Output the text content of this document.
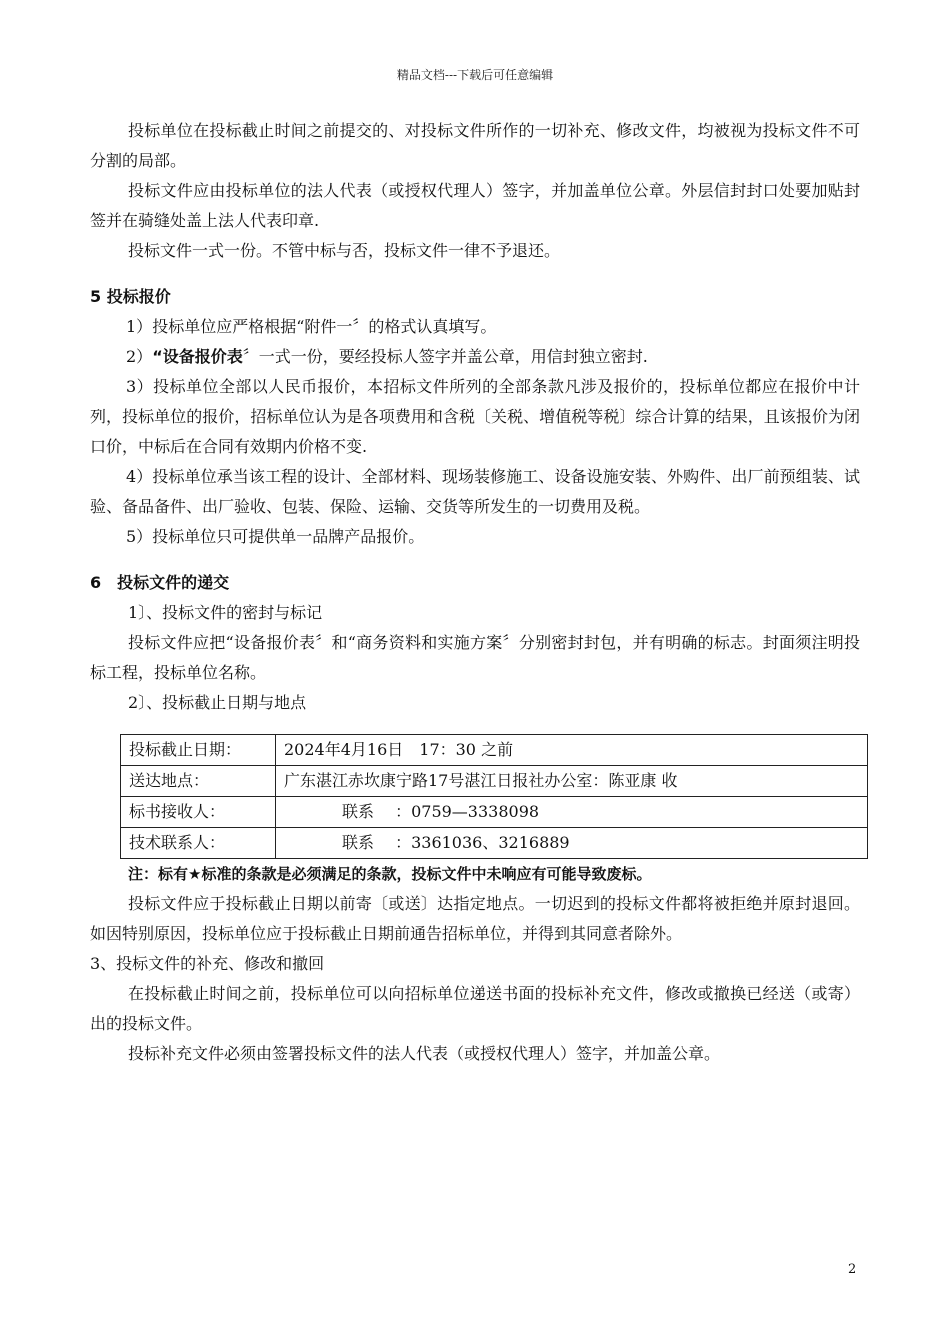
精品文档---下载后可任意编辑

投标单位在投标截止时间之前提交的、对投标文件所作的一切补充、修改文件，均被视为投标文件不可分割的局部。

投标文件应由投标单位的法人代表（或授权代理人）签字，并加盖单位公章。外层信封封口处要加贴封签并在骑缝处盖上法人代表印章.

投标文件一式一份。不管中标与否，投标文件一律不予退还。

5 投标报价

1）投标单位应严格根据“附件一〞的格式认真填写。

2）“设备报价表〞一式一份，要经投标人签字并盖公章，用信封独立密封.

3）投标单位全部以人民币报价，本招标文件所列的全部条款凡涉及报价的，投标单位都应在报价中计列，投标单位的报价，招标单位认为是各项费用和含税〔关税、增值税等税〕综合计算的结果，且该报价为闭口价，中标后在合同有效期内价格不变.

4）投标单位承当该工程的设计、全部材料、现场装修施工、设备设施安装、外购件、出厂前预组装、试验、备品备件、出厂验收、包装、保险、运输、交货等所发生的一切费用及税。

5）投标单位只可提供单一品牌产品报价。

6　投标文件的递交

1〕、投标文件的密封与标记

投标文件应把“设备报价表〞和“商务资料和实施方案〞分别密封封包，并有明确的标志。封面须注明投标工程，投标单位名称。

2〕、投标截止日期与地点

投标截止日期：	2024年4月16日　17：30 之前
送达地点：	广东湛江赤坎康宁路17号湛江日报社办公室：陈亚康 收
标书接收人：	联系　 ：0759—3338098
技术联系人：	联系　 ：3361036、3216889
注：标有★标准的条款是必须满足的条款，投标文件中未响应有可能导致废标。

投标文件应于投标截止日期以前寄〔或送〕达指定地点。一切迟到的投标文件都将被拒绝并原封退回。如因特别原因，投标单位应于投标截止日期前通告招标单位，并得到其同意者除外。

3、投标文件的补充、修改和撤回

在投标截止时间之前，投标单位可以向招标单位递送书面的投标补充文件，修改或撤换已经送（或寄）出的投标文件。

投标补充文件必须由签署投标文件的法人代表（或授权代理人）签字，并加盖公章。

2
